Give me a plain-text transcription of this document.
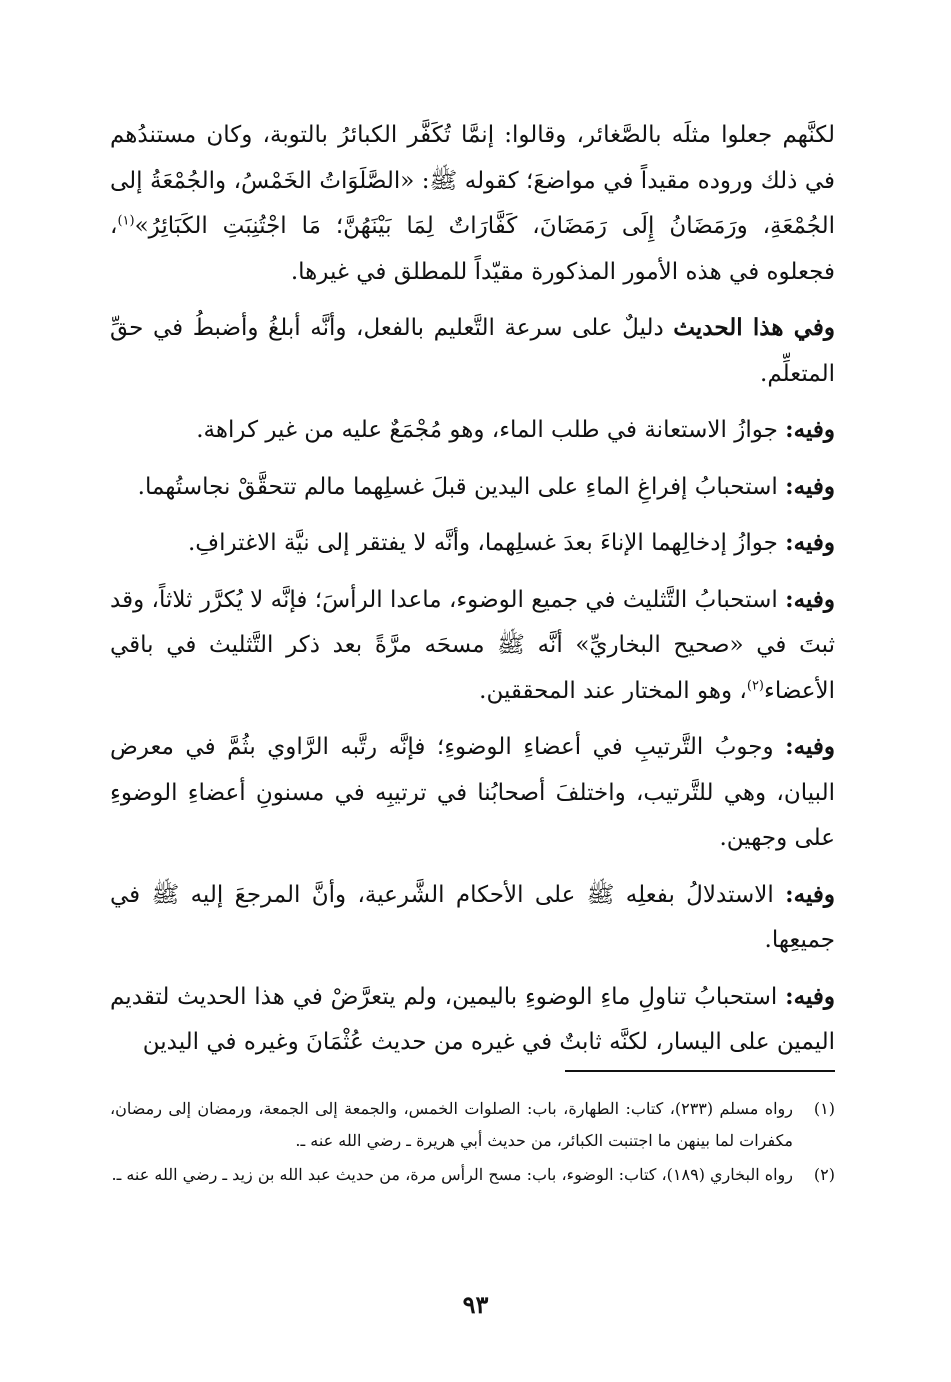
لكنَّهم جعلوا مثلَه بالصَّغائر، وقالوا: إنمَّا تُكَفَّر الكبائرُ بالتوبة، وكان مستندُهم في ذلك وروده مقيداً في مواضعَ؛ كقوله ﷺ: «الصَّلَوَاتُ الخَمْسُ، والجُمْعَةُ إلى الجُمْعَةِ، ورَمَضَانُ إِلَى رَمَضَانَ، كَفَّارَاتٌ لِمَا بَيْنَهُنَّ؛ مَا اجْتُنِبَتِ الكَبَائِرُ»$^{(١)}$، فجعلوه في هذه الأمور المذكورة مقيّداً للمطلق في غيرها.

وفي هذا الحديث دليلٌ على سرعة التَّعليم بالفعل، وأنَّه أبلغُ وأضبطُ في حقِّ المتعلِّم.

وفيه: جوازُ الاستعانة في طلب الماء، وهو مُجْمَعٌ عليه من غير كراهة.

وفيه: استحبابُ إفراغِ الماءِ على اليدين قبلَ غسلِهما مالم تتحقَّقْ نجاستُهما.

وفيه: جوازُ إدخالِهما الإناءَ بعدَ غسلِهما، وأنَّه لا يفتقر إلى نيَّة الاغترافِ.

وفيه: استحبابُ التَّثليث في جميع الوضوء، ماعدا الرأسَ؛ فإنَّه لا يُكرَّر ثلاثاً، وقد ثبتَ في «صحيح البخاريِّ» أنَّه ﷺ مسحَه مرَّةً بعد ذكر التَّثليث في باقي الأعضاء$^{(٢)}$، وهو المختار عند المحققين.

وفيه: وجوبُ التَّرتيبِ في أعضاءِ الوضوءِ؛ فإنَّه رتَّبه الرَّاوي بثُمَّ في معرض البيان، وهي للتَّرتيب، واختلفَ أصحابُنا في ترتيبِه في مسنونِ أعضاءِ الوضوءِ على وجهين.

وفيه: الاستدلالُ بفعلِه ﷺ على الأحكام الشَّرعية، وأنَّ المرجعَ إليه ﷺ في جميعِها.

وفيه: استحبابُ تناولِ ماءِ الوضوءِ باليمين، ولم يتعرَّضْ في هذا الحديث لتقديم اليمين على اليسار، لكنَّه ثابتٌ في غيره من حديث عُثْمَانَ وغيره في اليدين

(١)
رواه مسلم (٢٣٣)، كتاب: الطهارة، باب: الصلوات الخمس، والجمعة إلى الجمعة، ورمضان إلى رمضان، مكفرات لما بينهن ما اجتنبت الكبائر، من حديث أبي هريرة ـ رضي الله عنه ـ.
(٢)
رواه البخاري (١٨٩)، كتاب: الوضوء، باب: مسح الرأس مرة، من حديث عبد الله بن زيد ـ رضي الله عنه ـ.
٩٣
